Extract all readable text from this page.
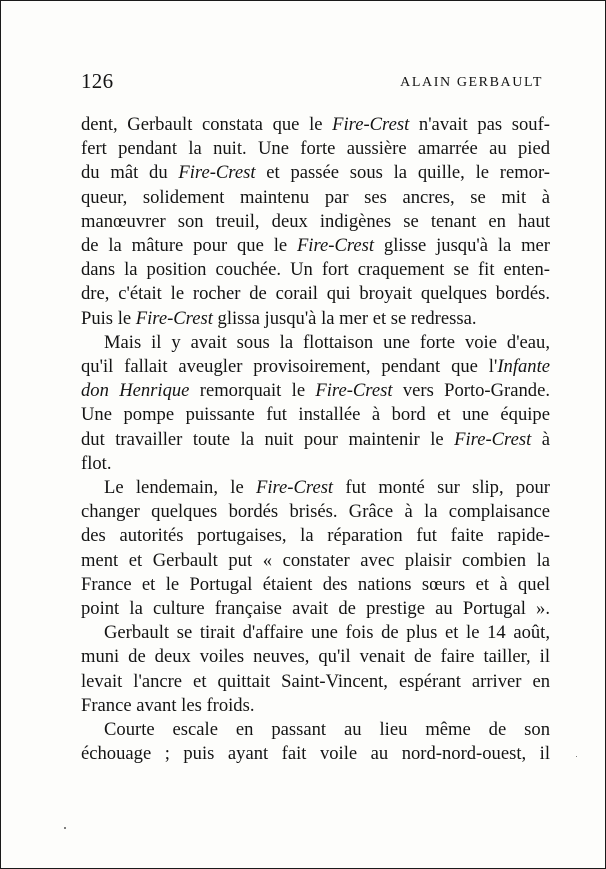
126	ALAIN GERBAULT
dent, Gerbault constata que le Fire-Crest n'avait pas souf-
fert pendant la nuit. Une forte aussière amarrée au pied
du mât du Fire-Crest et passée sous la quille, le remor-
queur, solidement maintenu par ses ancres, se mit à
manœuvrer son treuil, deux indigènes se tenant en haut
de la mâture pour que le Fire-Crest glisse jusqu'à la mer
dans la position couchée. Un fort craquement se fit enten-
dre, c'était le rocher de corail qui broyait quelques bordés.
Puis le Fire-Crest glissa jusqu'à la mer et se redressa.
Mais il y avait sous la flottaison une forte voie d'eau,
qu'il fallait aveugler provisoirement, pendant que l'Infante
don Henrique remorquait le Fire-Crest vers Porto-Grande.
Une pompe puissante fut installée à bord et une équipe
dut travailler toute la nuit pour maintenir le Fire-Crest à
flot.
Le lendemain, le Fire-Crest fut monté sur slip, pour
changer quelques bordés brisés. Grâce à la complaisance
des autorités portugaises, la réparation fut faite rapide-
ment et Gerbault put « constater avec plaisir combien la
France et le Portugal étaient des nations sœurs et à quel
point la culture française avait de prestige au Portugal ».
Gerbault se tirait d'affaire une fois de plus et le 14 août,
muni de deux voiles neuves, qu'il venait de faire tailler, il
levait l'ancre et quittait Saint-Vincent, espérant arriver en
France avant les froids.
Courte escale en passant au lieu même de son
échouage ; puis ayant fait voile au nord-nord-ouest, il
